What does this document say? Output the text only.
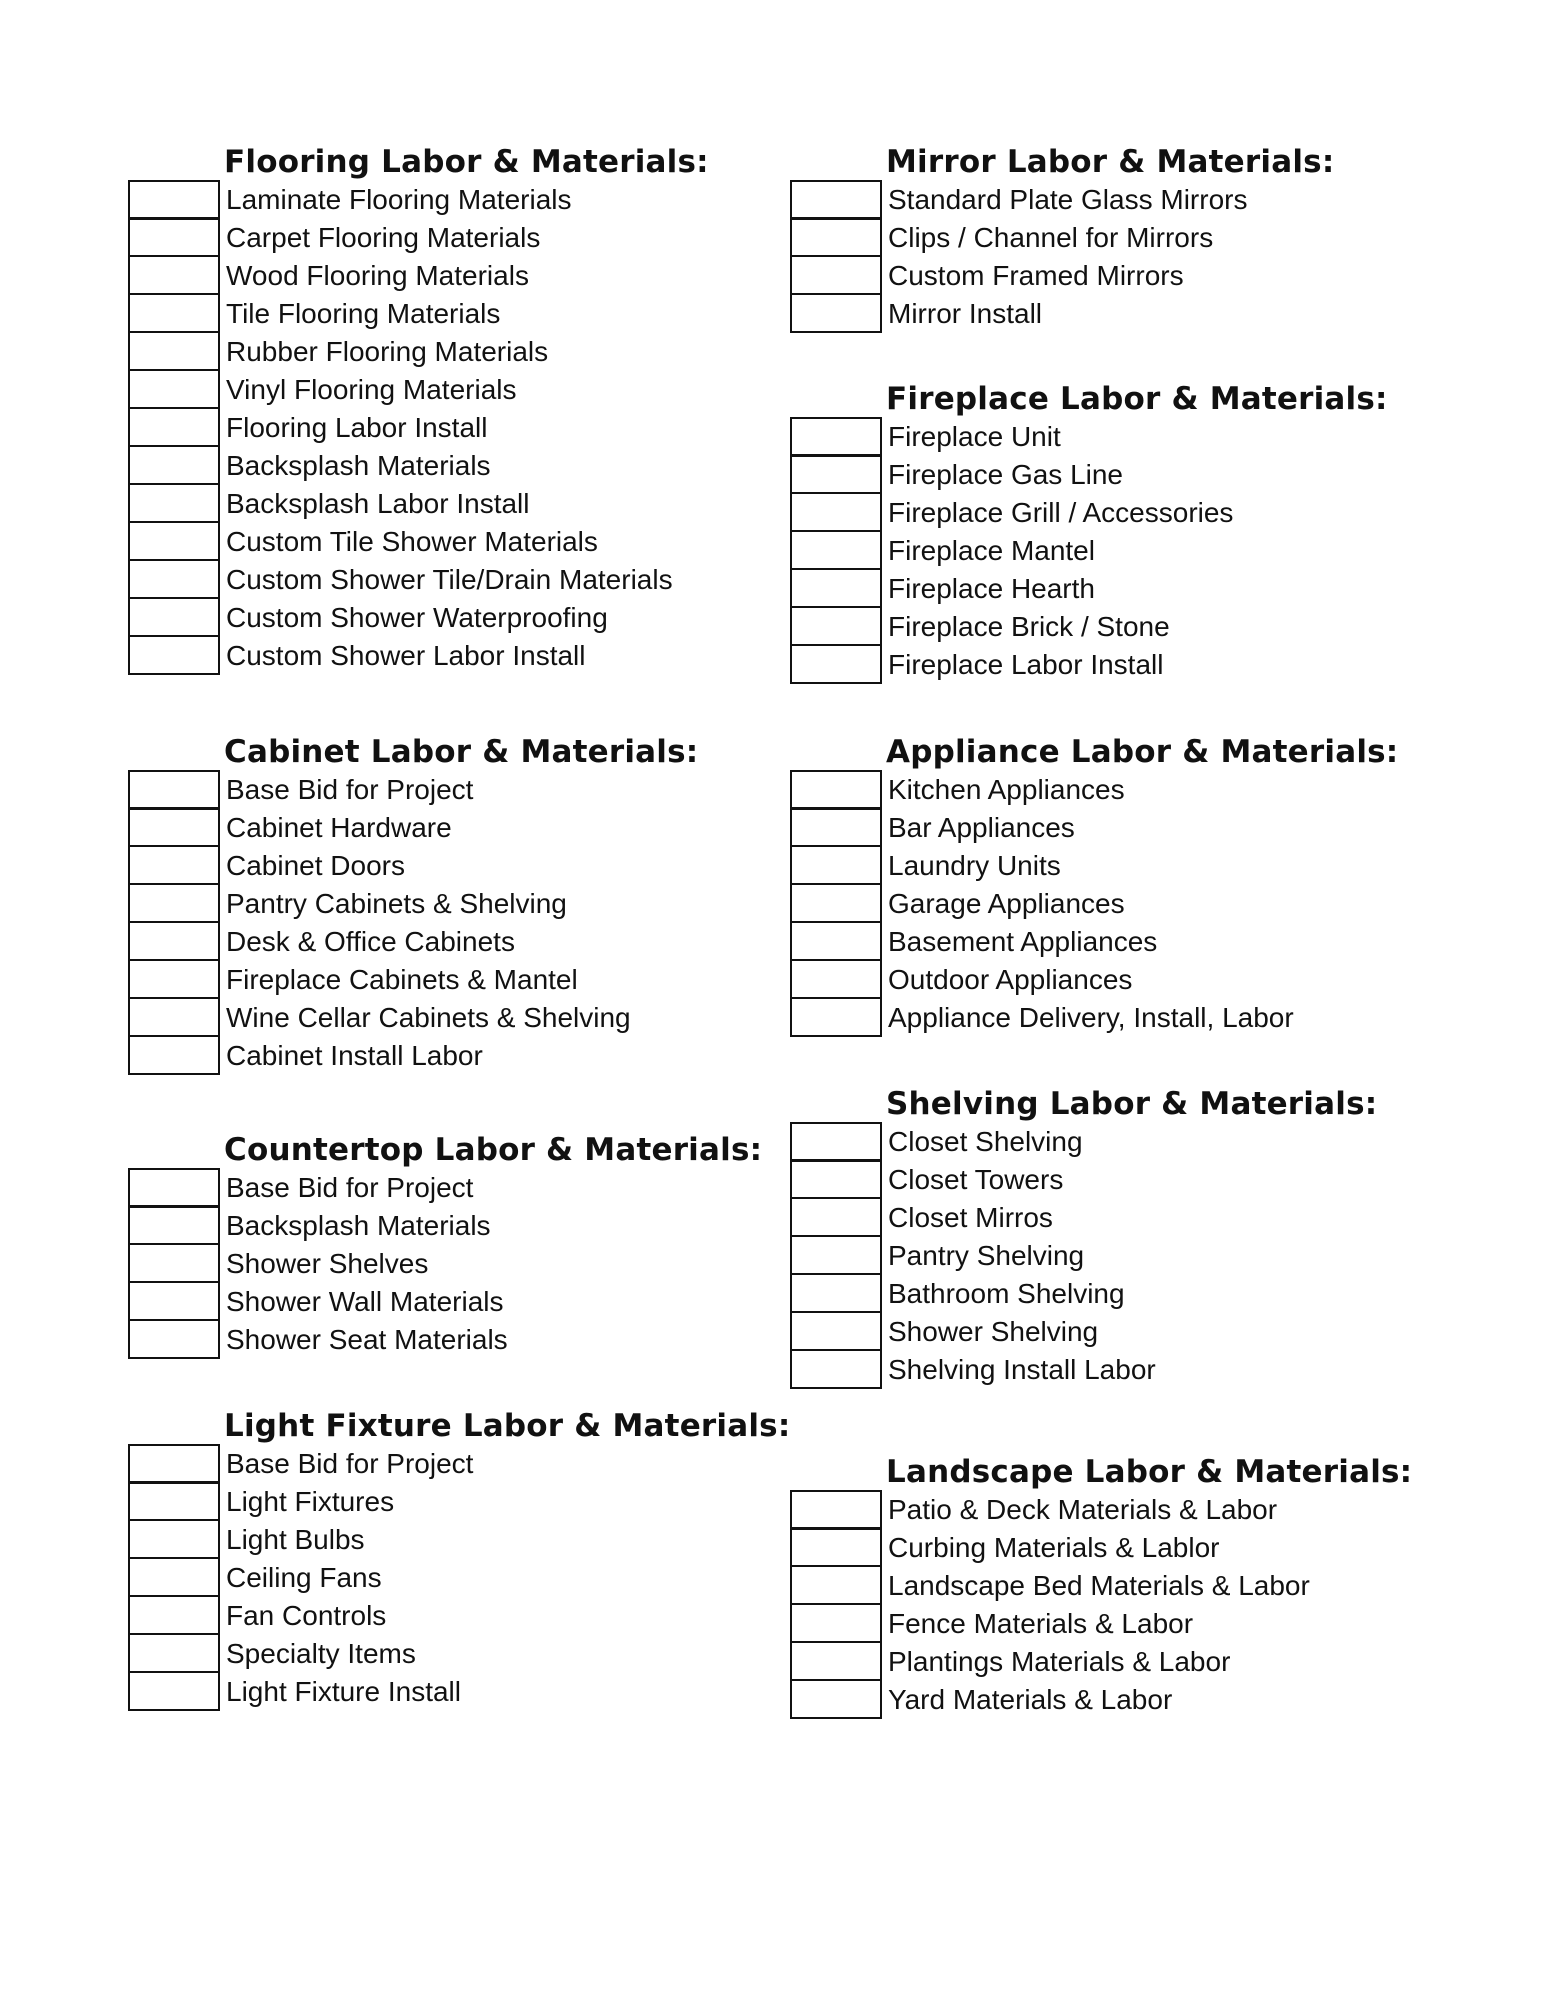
Flooring Labor & Materials:
Laminate Flooring Materials
Carpet Flooring Materials
Wood Flooring Materials
Tile Flooring Materials
Rubber Flooring Materials
Vinyl Flooring Materials
Flooring Labor Install
Backsplash Materials
Backsplash Labor Install
Custom Tile Shower Materials
Custom Shower Tile/Drain Materials
Custom Shower Waterproofing
Custom Shower Labor Install
Cabinet Labor & Materials:
Base Bid for Project
Cabinet Hardware
Cabinet Doors
Pantry Cabinets & Shelving
Desk & Office Cabinets
Fireplace Cabinets & Mantel
Wine Cellar Cabinets & Shelving
Cabinet Install Labor
Countertop Labor & Materials:
Base Bid for Project
Backsplash Materials
Shower Shelves
Shower Wall Materials
Shower Seat Materials
Light Fixture Labor & Materials:
Base Bid for Project
Light Fixtures
Light Bulbs
Ceiling Fans
Fan Controls
Specialty Items
Light Fixture Install
Mirror Labor & Materials:
Standard Plate Glass Mirrors
Clips / Channel for Mirrors
Custom Framed Mirrors
Mirror Install
Fireplace Labor & Materials:
Fireplace Unit
Fireplace Gas Line
Fireplace Grill / Accessories
Fireplace Mantel
Fireplace Hearth
Fireplace Brick / Stone
Fireplace Labor Install
Appliance Labor & Materials:
Kitchen Appliances
Bar Appliances
Laundry Units
Garage Appliances
Basement Appliances
Outdoor Appliances
Appliance Delivery, Install, Labor
Shelving Labor & Materials:
Closet Shelving
Closet Towers
Closet Mirros
Pantry Shelving
Bathroom Shelving
Shower Shelving
Shelving Install Labor
Landscape Labor & Materials:
Patio & Deck Materials & Labor
Curbing Materials & Lablor
Landscape Bed Materials & Labor
Fence Materials & Labor
Plantings Materials & Labor
Yard Materials & Labor
